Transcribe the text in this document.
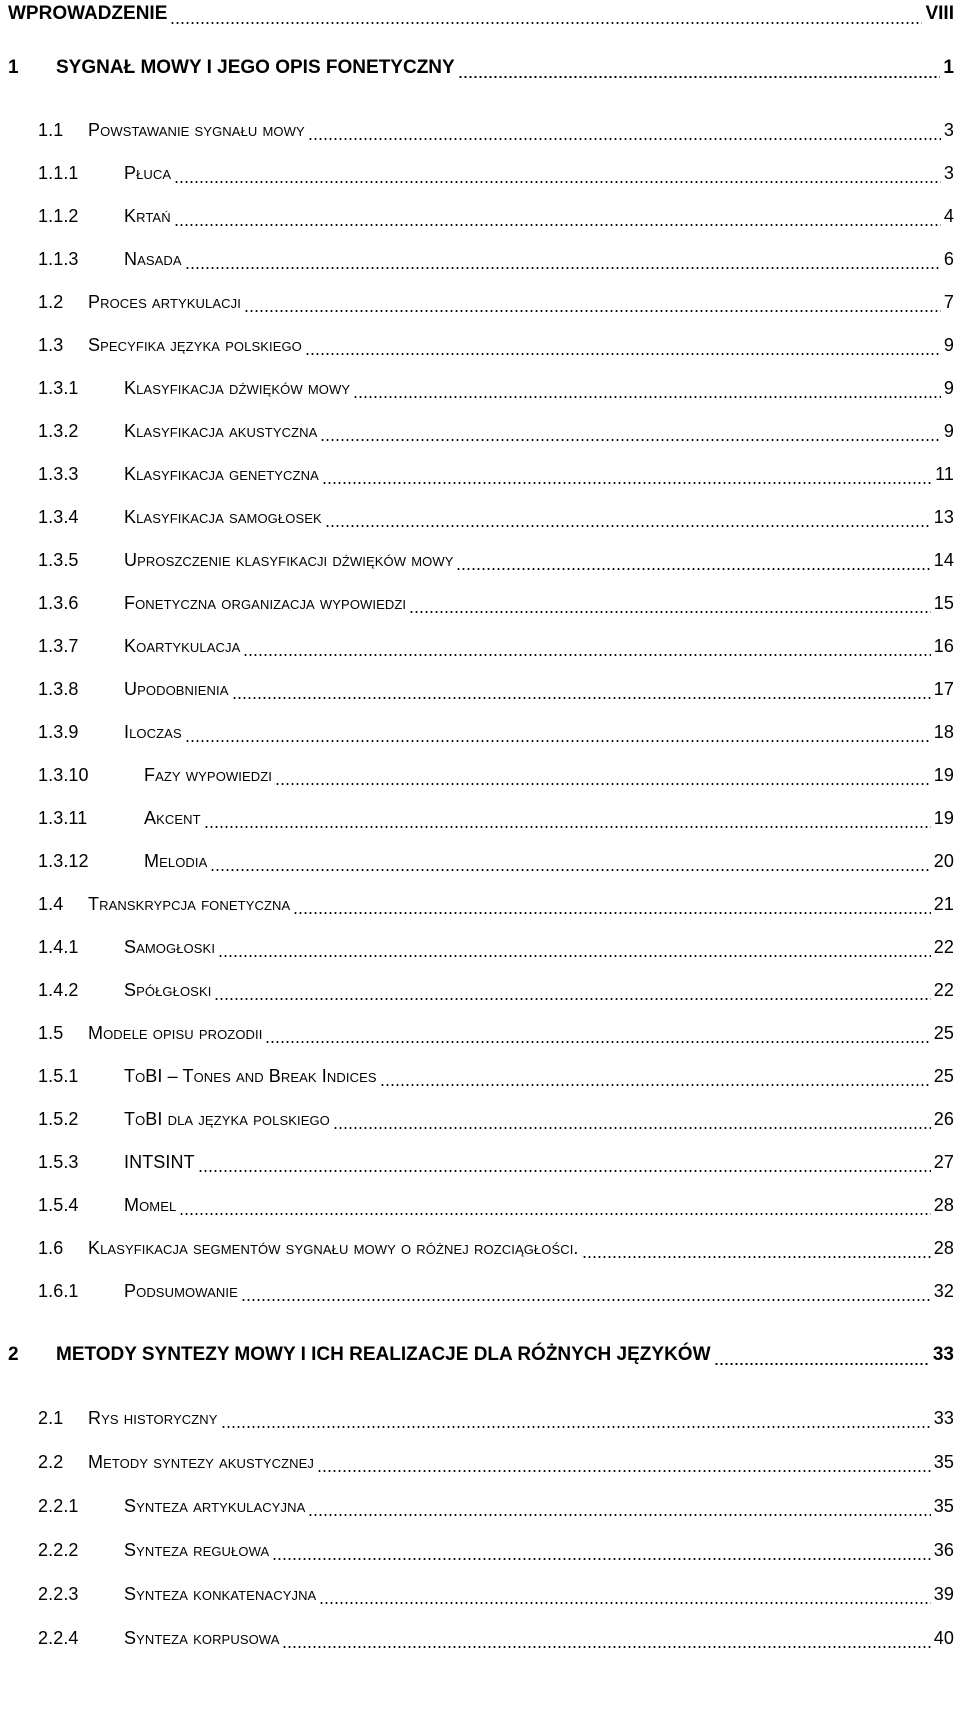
WPROWADZENIE	VIII
1	SYGNAŁ MOWY I JEGO OPIS FONETYCZNY	1
1.1	Powstawanie sygnału mowy	3
1.1.1	Płuca	3
1.1.2	Krtań	4
1.1.3	Nasada	6
1.2	Proces artykulacji	7
1.3	Specyfika języka polskiego	9
1.3.1	Klasyfikacja dźwięków mowy	9
1.3.2	Klasyfikacja akustyczna	9
1.3.3	Klasyfikacja genetyczna	11
1.3.4	Klasyfikacja samogłosek	13
1.3.5	Uproszczenie klasyfikacji dźwięków mowy	14
1.3.6	Fonetyczna organizacja wypowiedzi	15
1.3.7	Koartykulacja	16
1.3.8	Upodobnienia	17
1.3.9	Iloczas	18
1.3.10	Fazy wypowiedzi	19
1.3.11	Akcent	19
1.3.12	Melodia	20
1.4	Transkrypcja fonetyczna	21
1.4.1	Samogłoski	22
1.4.2	Spółgłoski	22
1.5	Modele opisu prozodii	25
1.5.1	ToBI – Tones and Break Indices	25
1.5.2	ToBI dla języka polskiego	26
1.5.3	INTSINT	27
1.5.4	Momel	28
1.6	Klasyfikacja segmentów sygnału mowy o różnej rozciągłości.	28
1.6.1	Podsumowanie	32
2	METODY SYNTEZY MOWY I ICH REALIZACJE DLA RÓŻNYCH JĘZYKÓW	33
2.1	Rys historyczny	33
2.2	Metody syntezy akustycznej	35
2.2.1	Synteza artykulacyjna	35
2.2.2	Synteza regułowa	36
2.2.3	Synteza konkatenacyjna	39
2.2.4	Synteza korpusowa	40
